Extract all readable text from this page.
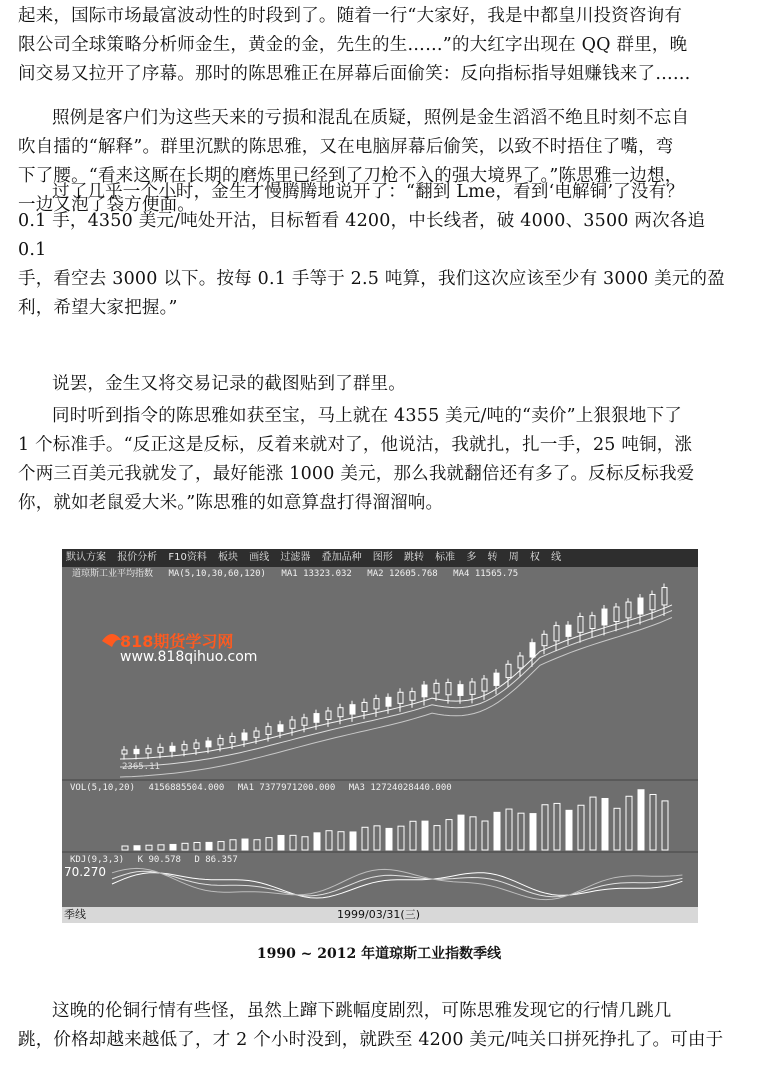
起来，国际市场最富波动性的时段到了。随着一行“大家好，我是中都皇川投资咨询有

限公司全球策略分析师金生，黄金的金，先生的生……”的大红字出现在 QQ 群里，晚

间交易又拉开了序幕。那时的陈思雅正在屏幕后面偷笑：反向指标指导姐赚钱来了……

照例是客户们为这些天来的亏损和混乱在质疑，照例是金生滔滔不绝且时刻不忘自

吹自擂的“解释”。群里沉默的陈思雅，又在电脑屏幕后偷笑，以致不时捂住了嘴，弯

下了腰。“看来这厮在长期的磨炼里已经到了刀枪不入的强大境界了。”陈思雅一边想，

一边又泡了袋方便面。

过了几乎一个小时，金生才慢腾腾地说开了：“翻到 Lme，看到‘电解铜’了没有？

0.1 手，4350 美元/吨处开沽，目标暂看 4200，中长线者，破 4000、3500 两次各追 0.1

手，看空去 3000 以下。按每 0.1 手等于 2.5 吨算，我们这次应该至少有 3000 美元的盈

利，希望大家把握。”

说罢，金生又将交易记录的截图贴到了群里。

同时听到指令的陈思雅如获至宝，马上就在 4355 美元/吨的“卖价”上狠狠地下了

1 个标准手。“反正这是反标，反着来就对了，他说沽，我就扎，扎一手，25 吨铜，涨

个两三百美元我就发了，最好能涨 1000 美元，那么我就翻倍还有多了。反标反标我爱

你，就如老鼠爱大米。”陈思雅的如意算盘打得溜溜响。

默认方案 报价分析 F10资料 板块 画线 过滤器 叠加品种 图形 跳转 标准 多 转 周 权 线
道琼斯工业平均指数 MA(5,10,30,60,120) MA1 13323.032 MA2 12605.768 MA4 11565.75
818期货学习网
www.818qihuo.com
2365.11
VOL(5,10,20) 4156885504.000 MA1 7377971200.000 MA3 12724028440.000
KDJ(9,3,3) K 90.578 D 86.357
70.270
季线	1999/03/31(三)
1990 ~ 2012 年道琼斯工业指数季线

这晚的伦铜行情有些怪，虽然上蹿下跳幅度剧烈，可陈思雅发现它的行情几跳几

跳，价格却越来越低了，才 2 个小时没到，就跌至 4200 美元/吨关口拼死挣扎了。可由于
